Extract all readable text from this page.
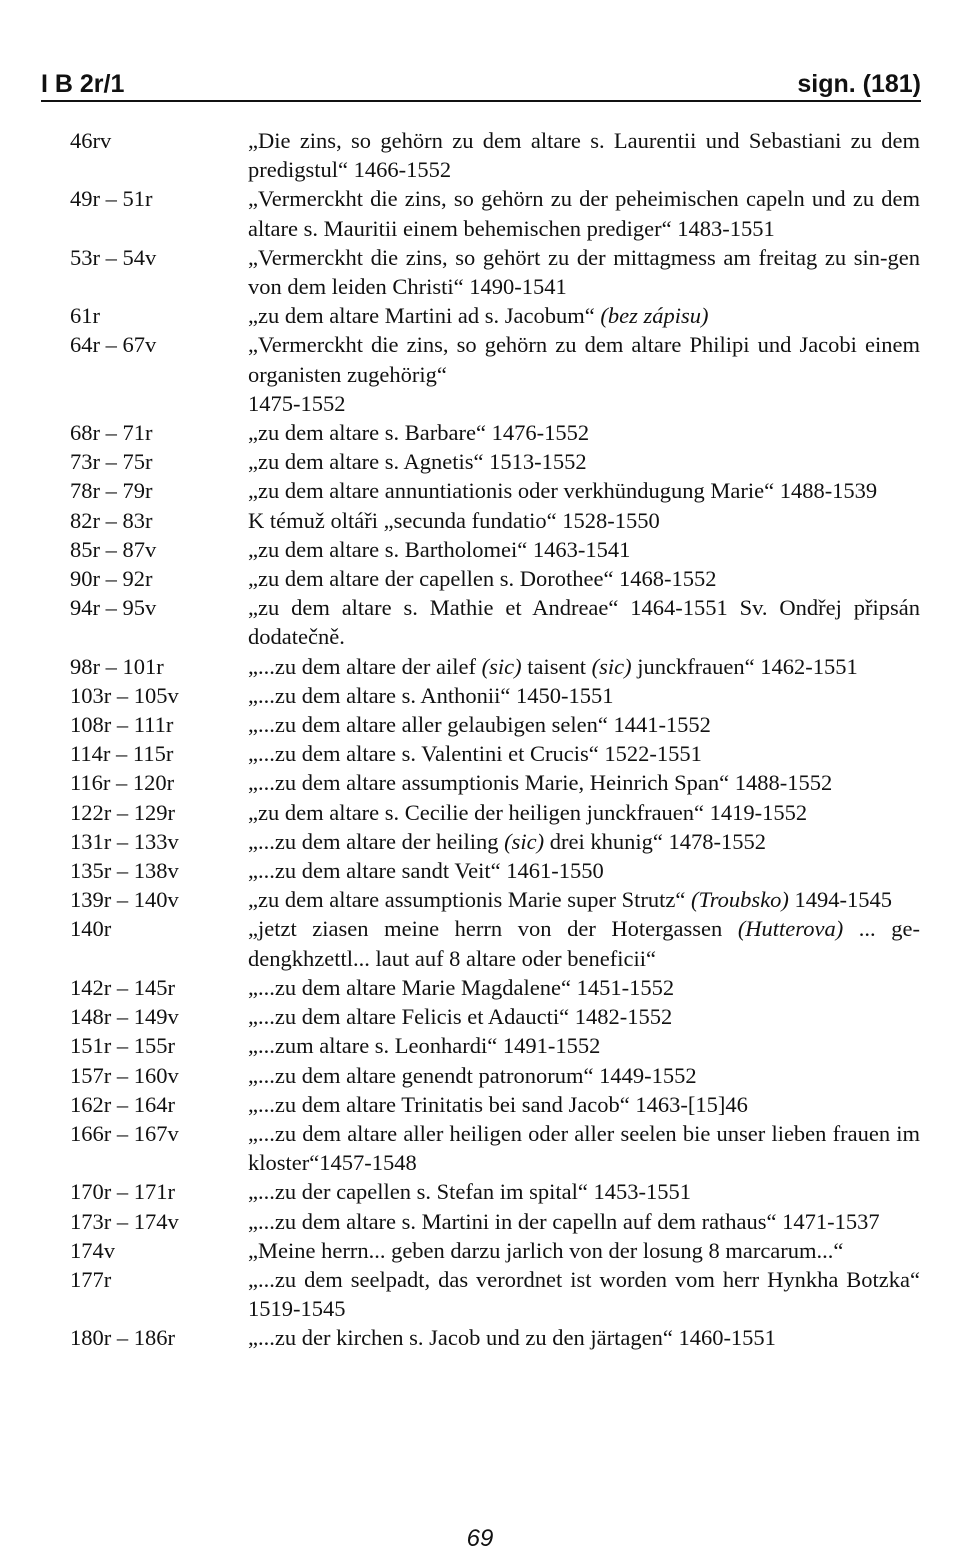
I B 2r/1	sign. (181)
46rv	„Die zins, so gehörn zu dem altare s. Laurentii und Sebastiani zu dem predigstul“ 1466-1552
49r – 51r	„Vermerckht die zins, so gehörn zu der peheimischen capeln und zu dem altare s. Mauritii einem behemischen prediger“ 1483-1551
53r – 54v	„Vermerckht die zins, so gehört zu der mittagmess am freitag zu sin-gen von dem leiden Christi“ 1490-1541
61r	„zu dem altare Martini ad s. Jacobum“ (bez zápisu)
64r – 67v	„Vermerckht die zins, so gehörn zu dem altare Philipi und Jacobi einem organisten zugehörig“
1475-1552
68r – 71r	„zu dem altare s. Barbare“ 1476-1552
73r – 75r	„zu dem altare s. Agnetis“ 1513-1552
78r – 79r	„zu dem altare annuntiationis oder verkhündugung Marie“ 1488-1539
82r – 83r	K témuž oltáři „secunda fundatio“ 1528-1550
85r – 87v	„zu dem altare s. Bartholomei“ 1463-1541
90r – 92r	„zu dem altare der capellen s. Dorothee“ 1468-1552
94r – 95v	„zu dem altare s. Mathie et Andreae“ 1464-1551 Sv. Ondřej připsán dodatečně.
98r – 101r	„...zu dem altare der ailef (sic) taisent (sic) junckfrauen“ 1462-1551
103r – 105v	„...zu dem altare s. Anthonii“ 1450-1551
108r – 111r	„...zu dem altare aller gelaubigen selen“ 1441-1552
114r – 115r	„...zu dem altare s. Valentini et Crucis“ 1522-1551
116r – 120r	„...zu dem altare assumptionis Marie, Heinrich Span“ 1488-1552
122r – 129r	„zu dem altare s. Cecilie der heiligen junckfrauen“ 1419-1552
131r – 133v	„...zu dem altare der heiling (sic) drei khunig“ 1478-1552
135r – 138v	„...zu dem altare sandt Veit“ 1461-1550
139r – 140v	„zu dem altare assumptionis Marie super Strutz“ (Troubsko) 1494-1545
140r	„jetzt ziasen meine herrn von der Hotergassen (Hutterova) ... ge-dengkhzettl... laut auf 8 altare oder beneficii“
142r – 145r	„...zu dem altare Marie Magdalene“ 1451-1552
148r – 149v	„...zu dem altare Felicis et Adaucti“ 1482-1552
151r – 155r	„...zum altare s. Leonhardi“ 1491-1552
157r – 160v	„...zu dem altare genendt patronorum“ 1449-1552
162r – 164r	„...zu dem altare Trinitatis bei sand Jacob“ 1463-[15]46
166r – 167v	„...zu dem altare aller heiligen oder aller seelen bie unser lieben frauen im kloster“1457-1548
170r – 171r	„...zu der capellen s. Stefan im spital“ 1453-1551
173r – 174v	„...zu dem altare s. Martini in der capelln auf dem rathaus“ 1471-1537
174v	„Meine herrn... geben darzu jarlich von der losung 8 marcarum...“
177r	„...zu dem seelpadt, das verordnet ist worden vom herr Hynkha Botzka“ 1519-1545
180r – 186r	„...zu der kirchen s. Jacob und zu den järtagen“ 1460-1551
69
